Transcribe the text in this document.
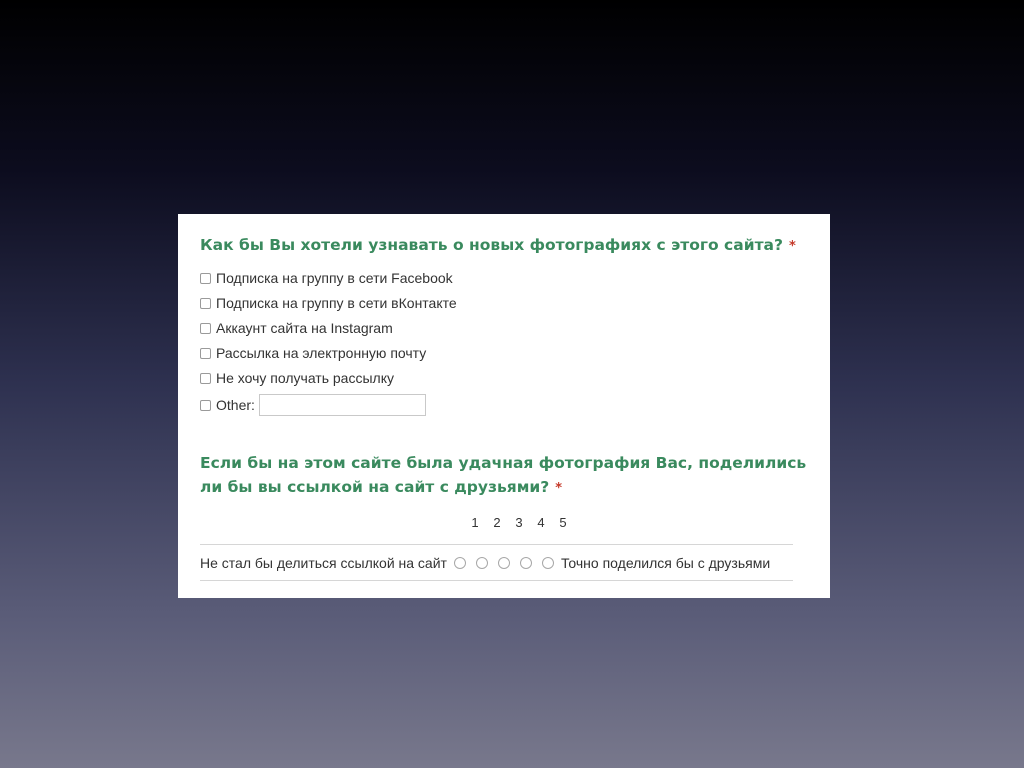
Как бы Вы хотели узнавать о новых фотографиях с этого сайта? *
Подписка на группу в сети Facebook
Подписка на группу в сети вКонтакте
Аккаунт сайта на Instagram
Рассылка на электронную почту
Не хочу получать рассылку
Other:
Если бы на этом сайте была удачная фотография Вас, поделились ли бы вы ссылкой на сайт с друзьями? *
1	2	3	4	5
Не стал бы делиться ссылкой на сайт	Точно поделился бы с друзьями
